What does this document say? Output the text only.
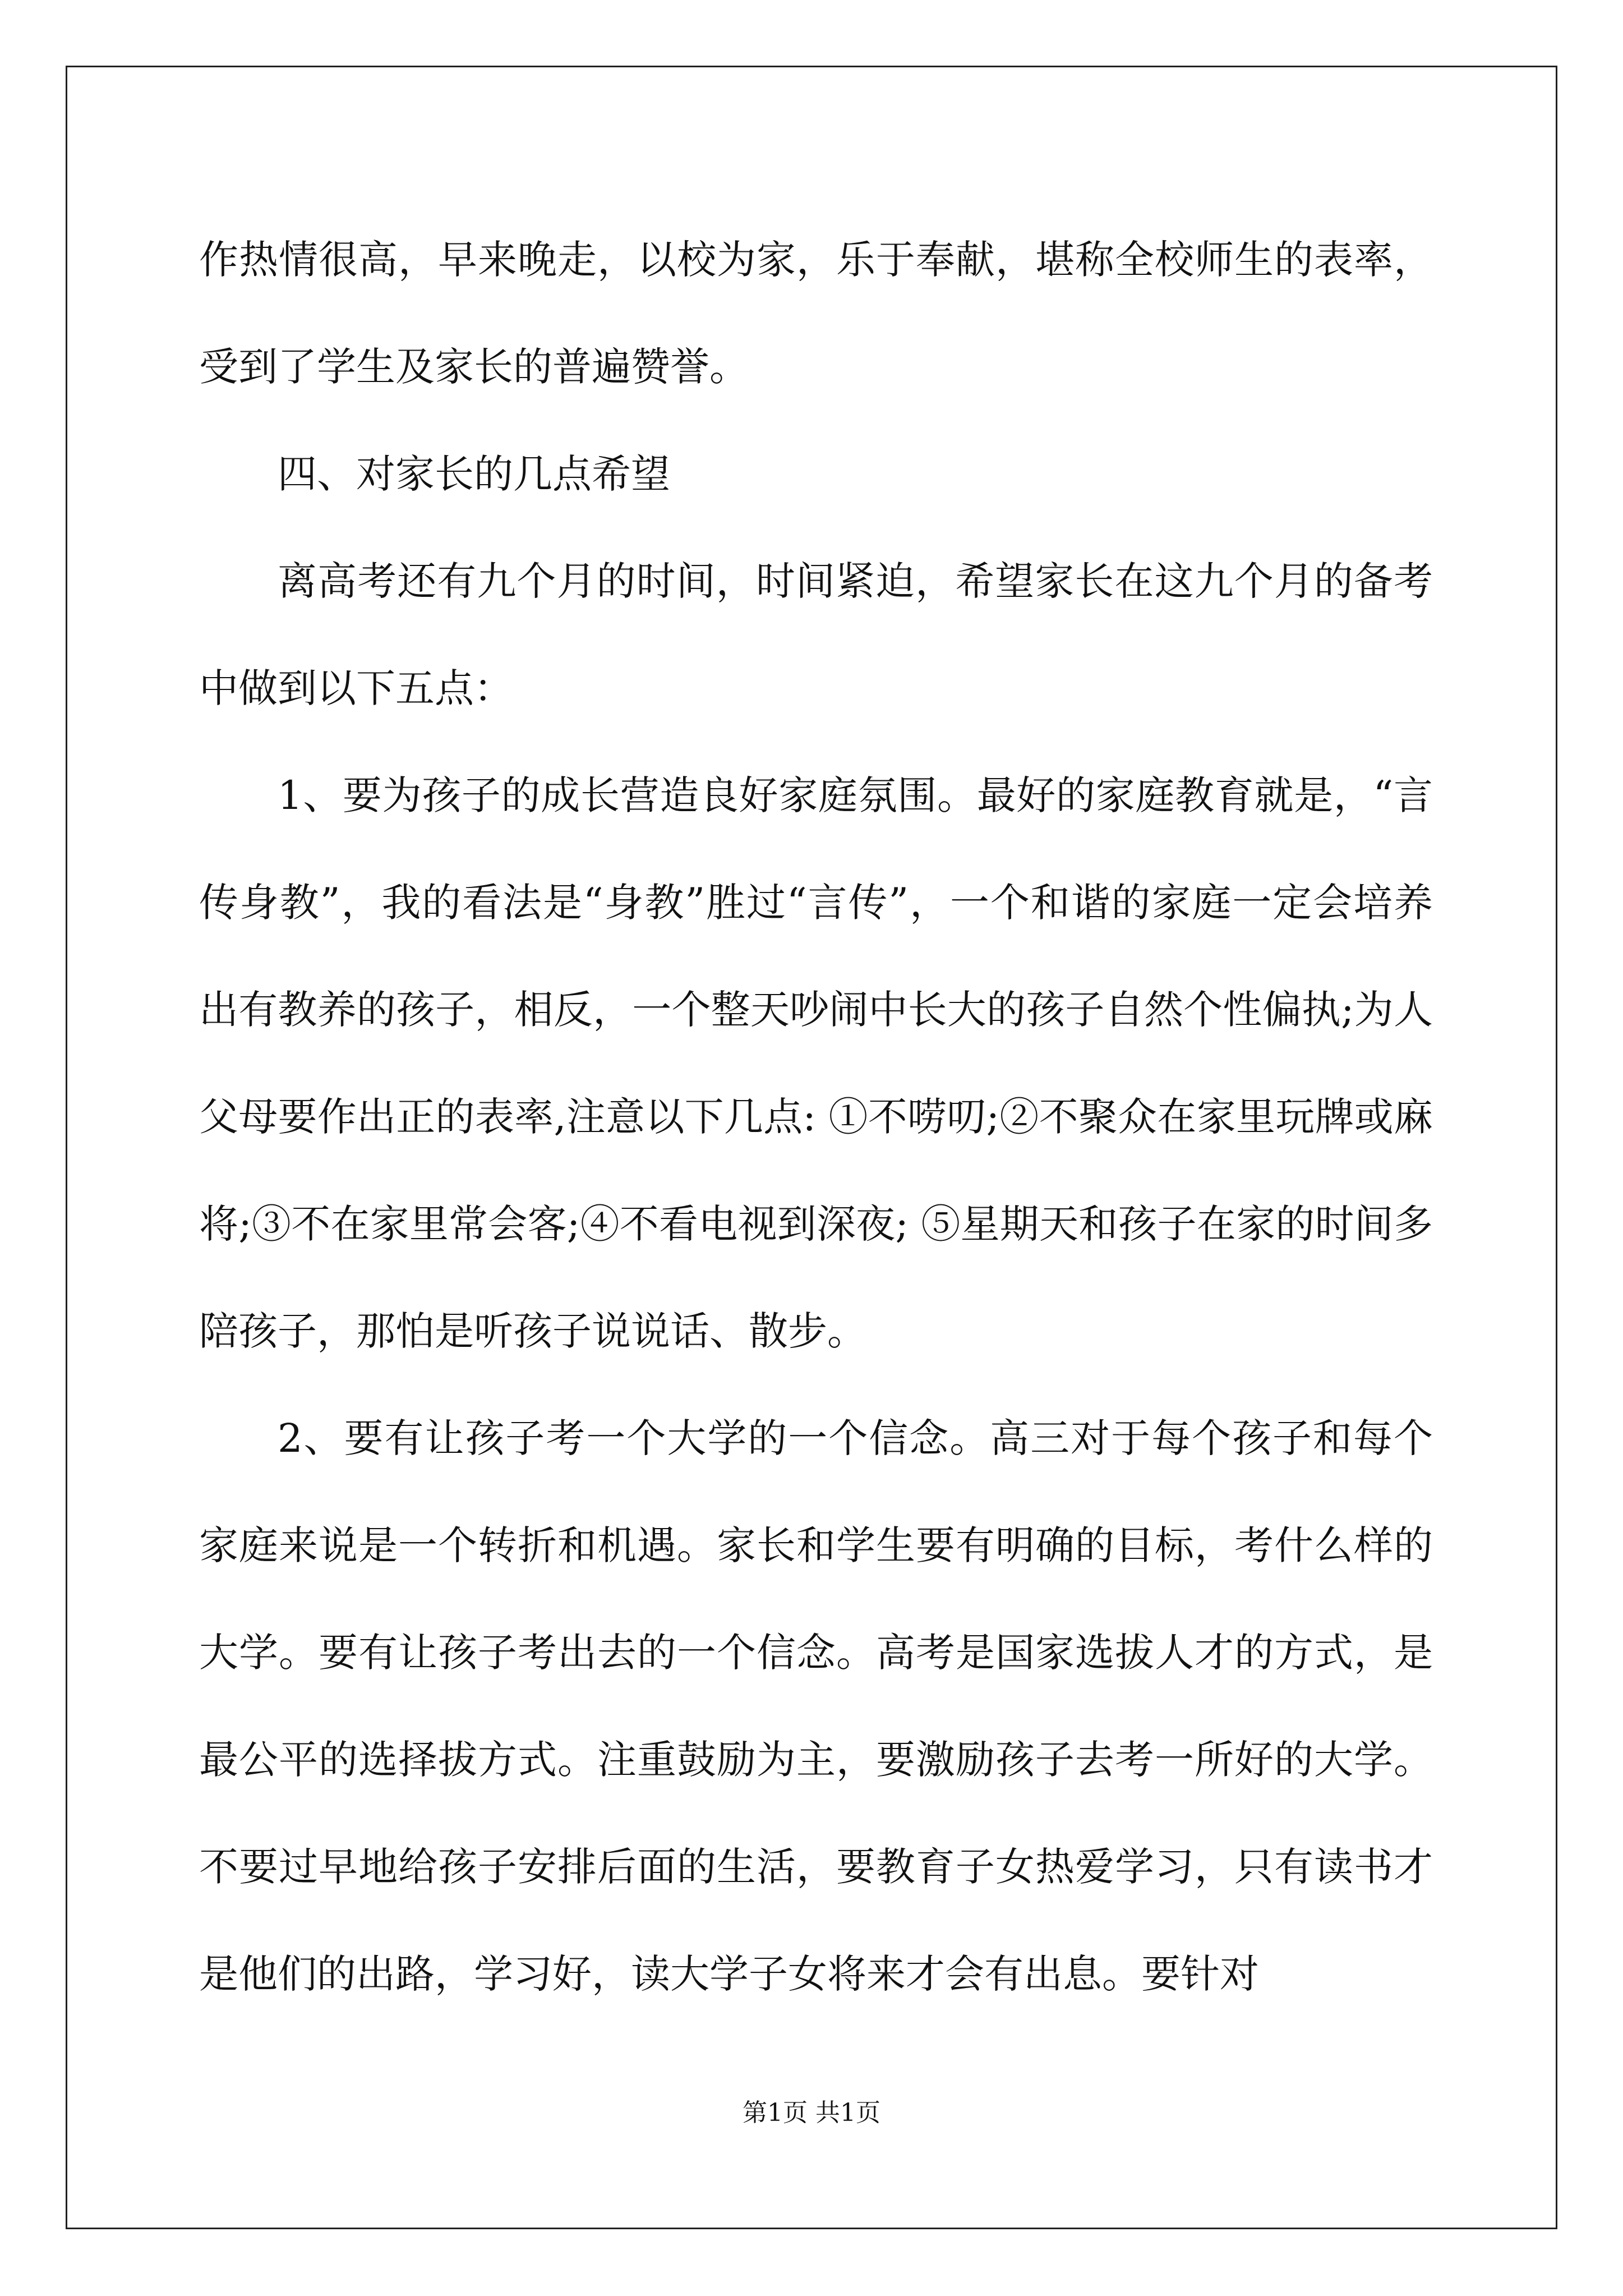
作热情很高，早来晚走，以校为家，乐于奉献，堪称全校师生的表率，受到了学生及家长的普遍赞誉。

四、对家长的几点希望

离高考还有九个月的时间，时间紧迫，希望家长在这九个月的备考中做到以下五点：

1、要为孩子的成长营造良好家庭氛围。最好的家庭教育就是，“言传身教”，我的看法是“身教”胜过“言传”，一个和谐的家庭一定会培养出有教养的孩子，相反，一个整天吵闹中长大的孩子自然个性偏执;为人父母要作出正的表率,注意以下几点: ①不唠叨;②不聚众在家里玩牌或麻将;③不在家里常会客;④不看电视到深夜; ⑤星期天和孩子在家的时间多陪孩子，那怕是听孩子说说话、散步。

2、要有让孩子考一个大学的一个信念。高三对于每个孩子和每个家庭来说是一个转折和机遇。家长和学生要有明确的目标，考什么样的大学。要有让孩子考出去的一个信念。高考是国家选拔人才的方式，是最公平的选择拔方式。注重鼓励为主，要激励孩子去考一所好的大学。不要过早地给孩子安排后面的生活，要教育子女热爱学习，只有读书才是他们的出路，学习好，读大学子女将来才会有出息。要针对

第1页 共1页
